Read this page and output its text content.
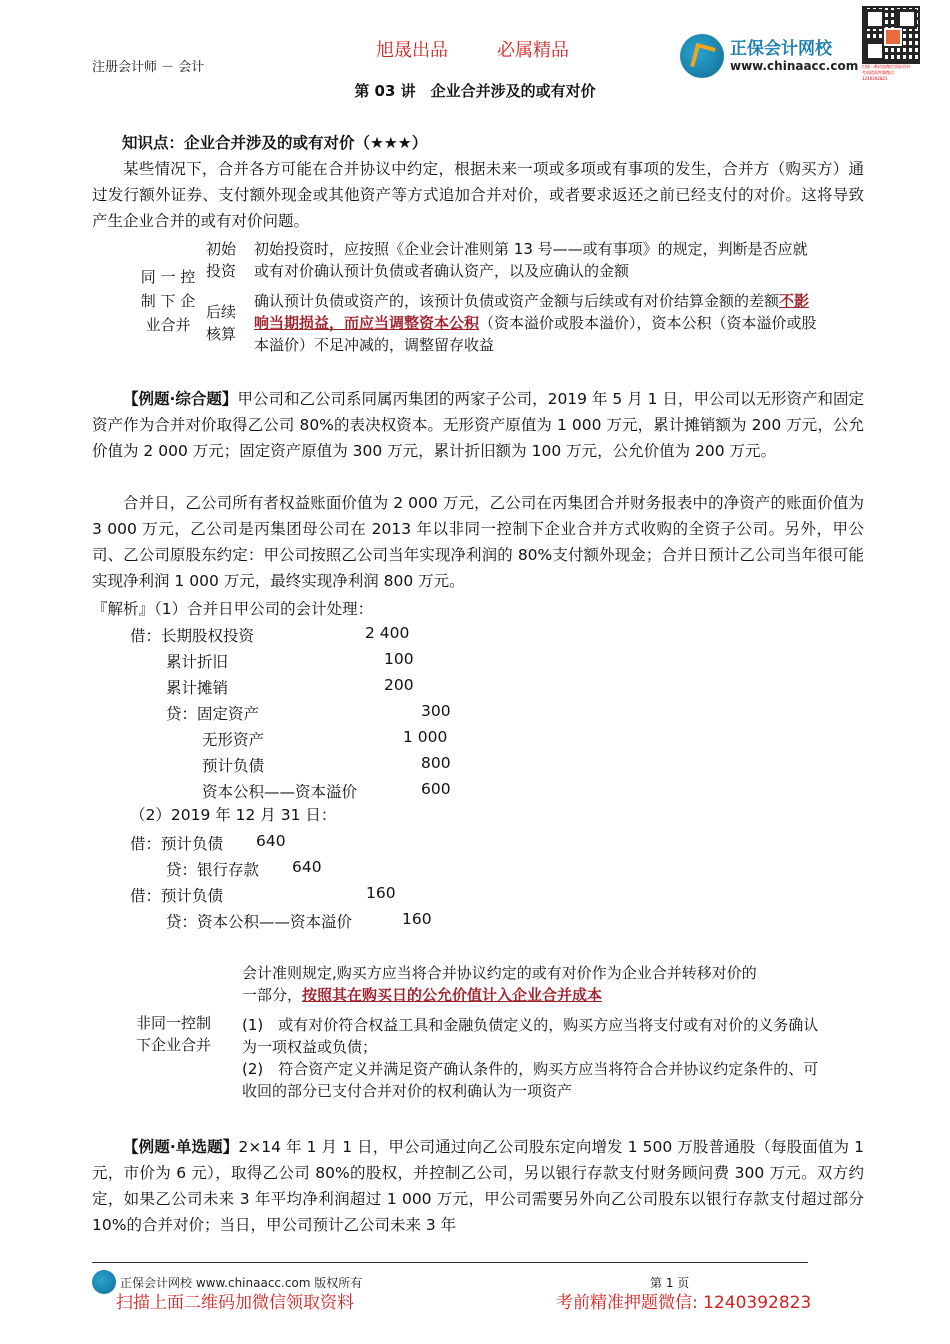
注册会计师 － 会计
旭晟出品	必属精品	正保会计网校
www.chinaacc.com 扫描二维码加微信领取资料
考前精准押题微信：1240392823
第 03 讲　企业合并涉及的或有对价
知识点：企业合并涉及的或有对价（★★★）
某些情况下，合并各方可能在合并协议中约定，根据未来一项或多项或有事项的发生，合并方（购买方）通过发行额外证券、支付额外现金或其他资产等方式追加合并对价，或者要求返还之前已经支付的对价。这将导致产生企业合并的或有对价问题。
同 一 控
制 下 企
业合并
初始
投资
初始投资时，应按照《企业会计准则第 13 号——或有事项》的规定，判断是否应就或有对价确认预计负债或者确认资产，以及应确认的金额
后续
核算
确认预计负债或资产的，该预计负债或资产金额与后续或有对价结算金额的差额不影响当期损益，而应当调整资本公积（资本溢价或股本溢价），资本公积（资本溢价或股本溢价）不足冲减的，调整留存收益
【例题·综合题】甲公司和乙公司系同属丙集团的两家子公司，2019 年 5 月 1 日，甲公司以无形资产和固定资产作为合并对价取得乙公司 80%的表决权资本。无形资产原值为 1 000 万元，累计摊销额为 200 万元，公允价值为 2 000 万元；固定资产原值为 300 万元，累计折旧额为 100 万元，公允价值为 200 万元。
合并日，乙公司所有者权益账面价值为 2 000 万元，乙公司在丙集团合并财务报表中的净资产的账面价值为 3 000 万元，乙公司是丙集团母公司在 2013 年以非同一控制下企业合并方式收购的全资子公司。另外，甲公司、乙公司原股东约定：甲公司按照乙公司当年实现净利润的 80%支付额外现金；合并日预计乙公司当年很可能实现净利润 1 000 万元，最终实现净利润 800 万元。
『解析』（1）合并日甲公司的会计处理：
借：长期股权投资	2 400
累计折旧	100
累计摊销	200
贷：固定资产	300
无形资产	1 000
预计负债	800
资本公积——资本溢价	600
（2）2019 年 12 月 31 日：
借：预计负债 640
贷：银行存款 640
借：预计负债	160
贷：资本公积——资本溢价	160
非同一控制
下企业合并
会计准则规定,购买方应当将合并协议约定的或有对价作为企业合并转移对价的
一部分，按照其在购买日的公允价值计入企业合并成本
(1)　或有对价符合权益工具和金融负债定义的，购买方应当将支付或有对价的义务确认为一项权益或负债；
(2)　符合资产定义并满足资产确认条件的，购买方应当将符合合并协议约定条件的、可收回的部分已支付合并对价的权利确认为一项资产
【例题·单选题】2×14 年 1 月 1 日，甲公司通过向乙公司股东定向增发 1 500 万股普通股（每股面值为 1 元，市价为 6 元），取得乙公司 80%的股权，并控制乙公司，另以银行存款支付财务顾问费 300 万元。双方约定，如果乙公司未来 3 年平均净利润超过 1 000 万元，甲公司需要另外向乙公司股东以银行存款支付超过部分 10%的合并对价；当日，甲公司预计乙公司未来 3 年
正保会计网校 www.chinaacc.com 版权所有	第 1 页
扫描上面二维码加微信领取资料	考前精准押题微信: 1240392823
